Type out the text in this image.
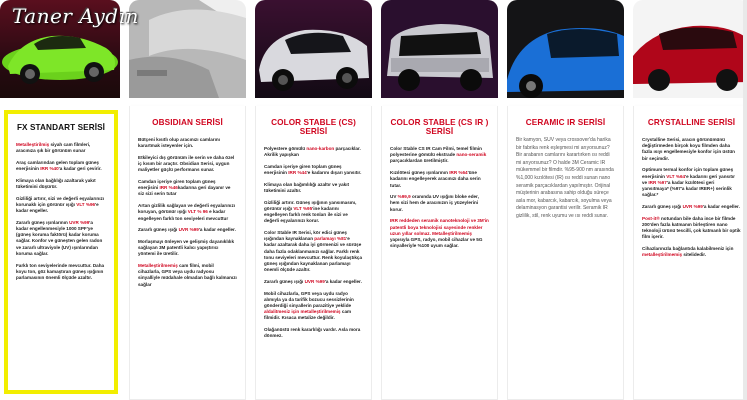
FX STANDART SERİSİ

Metalleştirilmiş siyah cam filmleri, aracınıza şık bir görünüm sunar

Araç camlarından gelen toplam güneş enerjisinin IRR %40'a kadar geri çevirir.

Klimaya olan bağlılığı azaltarak yakıt tüketimini düşürür.

Gizliliği artırır, sizi ve değerli eşyalarınızı korunaklı için görünür ışığı VLT %96'e kadar engeller.

Zararlı güneş ışınlarının UVR %99'a kadar engellenmesiyle 1000 SPF'ye (güneş koruma faktörü) kadar koruma sağlar. Konfor ve güneşten gelen radon ve zararlı ultraviyole (UV) ışınlarından koruma sağlar.

Farklı ton seviyelerinde mevcuttur. Daha koyu ton, göz kamaştıran güneş ışığının parlamasının önemli ölçüde azaltır.

OBSIDIAN SERİSİ

Bütçeni kısıtlı olup aracınızı camlarını karartmak isteyenler için.

Etkileyici dış görünüm ile serin ve daha özel iç kısım bir araçtır. Obsidian Serisi, uygun maliyetler güçlü performans sunar.

Camdan içeriye giren toplam güneş enerjisini IRR %46kadarına geri dayanır ve siz sizi serin tutar

Artan gizlilik sağlayan ve değerli eşyalarınızı koruyan, görünür ışığı VLT % 96 e kadar engelleyen farklı ton seviyeleri mevcuttur

Zararlı güneş ışığı UVR %99'a kadar engeller.

Morlaşmayı önleyen ve gelişmiş dayanıklılık sağlayan 3M patentli kalıcı yapıştırıcı yöntemi ile üretilir.

Metalleştirilmemiş cam filmi, mobil cihazlarla, GPS veya uydu radyosu sinyalliyle müdahale olmadan bağlı kalmanızı sağlar

COLOR STABLE (CS) SERİSİ

Polyestere gömülü nano-karbon parçacıklar. Akrilik yapışkan

Camdan içeriye giren toplam güneş enerjisinin IRR %44'e kadarını dışarı yansıtır.

Klimaya olan bağımlılığı azaltır ve yakıt tüketimini azaltır.

Gizliliği artırır. Güneş ışığının yansımasını, görünür ışığı VLT %95'ine kadarını engelleyen farklı renk tonları ile sizi ve değerli eşyalarınızı korur.

Color Stable IR Serisi, kör edici güneş ışığından kaynaklanan parlamayı %81'e kadar azaltarak daha iyi görmenizi ve sürüşe daha fazla odaklanmanızı sağlar. Farklı renk tonu seviyeleri mevcuttur. Renk koyulaştıkça güneş ışığından kaynaklanan parlamayı önemli ölçüde azaltır.

Zararlı güneş ışığı UVR %99'a kadar engeller.

Mobil cihazlarla, GPS veya uydu radyo alımıyla ya da tarifik bozucu sessizlerinin gönderdiği sinyallerin parazitiye yeklide aldalitmesiz için metalleştirilmemiş cam filmidir. Kısaca metalize değildir.

Olağanüstü renk kararlılığı vardır. Asla mora dönmez.

COLOR STABLE (CS IR ) SERİSİ

Color Stable CS IR Cam Filmi, temel filmin polyesterine gömülü ekstrade nano-seramik parçacıklardan üretilmiştir.

Kızılötesi güneş ışınlarının IRR %64'üne kadarını engelleyerek aracınızı daha serin tutar.

UV %99,9 oranında UV ışığını bloke eder, hem sizi hem de aracınızın iç yüzeylerini korur.

IRR reddeden seramik nanoteknoloji ve 3M'in patentli boya teknolojisi sayesinde renkler uzun yıllar solmaz. Metalleştirilmemiş yapısıyla GPS, radyo, mobil cihazlar ve 5G sinyalleriyle %100 uyum sağlar.

CERAMIC IR SERİSİ

Bir kamyon, SUV veya crossover'da harika bir fabrika renk eşleşmesi mi arıyorsunuz? Bir arabanın camlarını karartırken ısı reddi mi arıyorsunuz? O halde 3M Ceramic IR mükemmel bir filmdir. %95-900 nm arasında %1,000 kızılötesi (IR) ısı reddi sunan nano seramik parçacıklardan yapılmıştır. Orijinal müşterinin arabasına sahip olduğu süreçe asla mor, kabarcık, kabarcık, soyulma veya delaminasyon garantisi verilir. Seramik IR gizlilik, stil, renk uyumu ve ısı reddi sunar.

CRYSTALLINE SERİSİ

Crystalline Serisi, aracın görünümünü değiştirmeden birçok koyu filmden daha fazla ısıyı engellemesiyle konfor için üstün bir seçimdir.

Optimum termal konfor için toplam güneş enerjisinin VLT %64'e kadarını geri yansıtır ve IRR %97'a kadar kızılötesi geri yansıtmaya* (%97'a kadar IRER+) serinlik sağlar.*

Zararlı güneş ışığı UVR %99'a kadar engeller.

Post-it® notundan bile daha ince bir filmde 200'den fazla katmanın birleştiren nano teknoloji ürünü tescilli, çok katmanlı bir optik film içerir.

Cihazlarınızla bağlantıda kalabilmeniz için metalleştirilmemiş sitelidedir.

Taner Aydın
